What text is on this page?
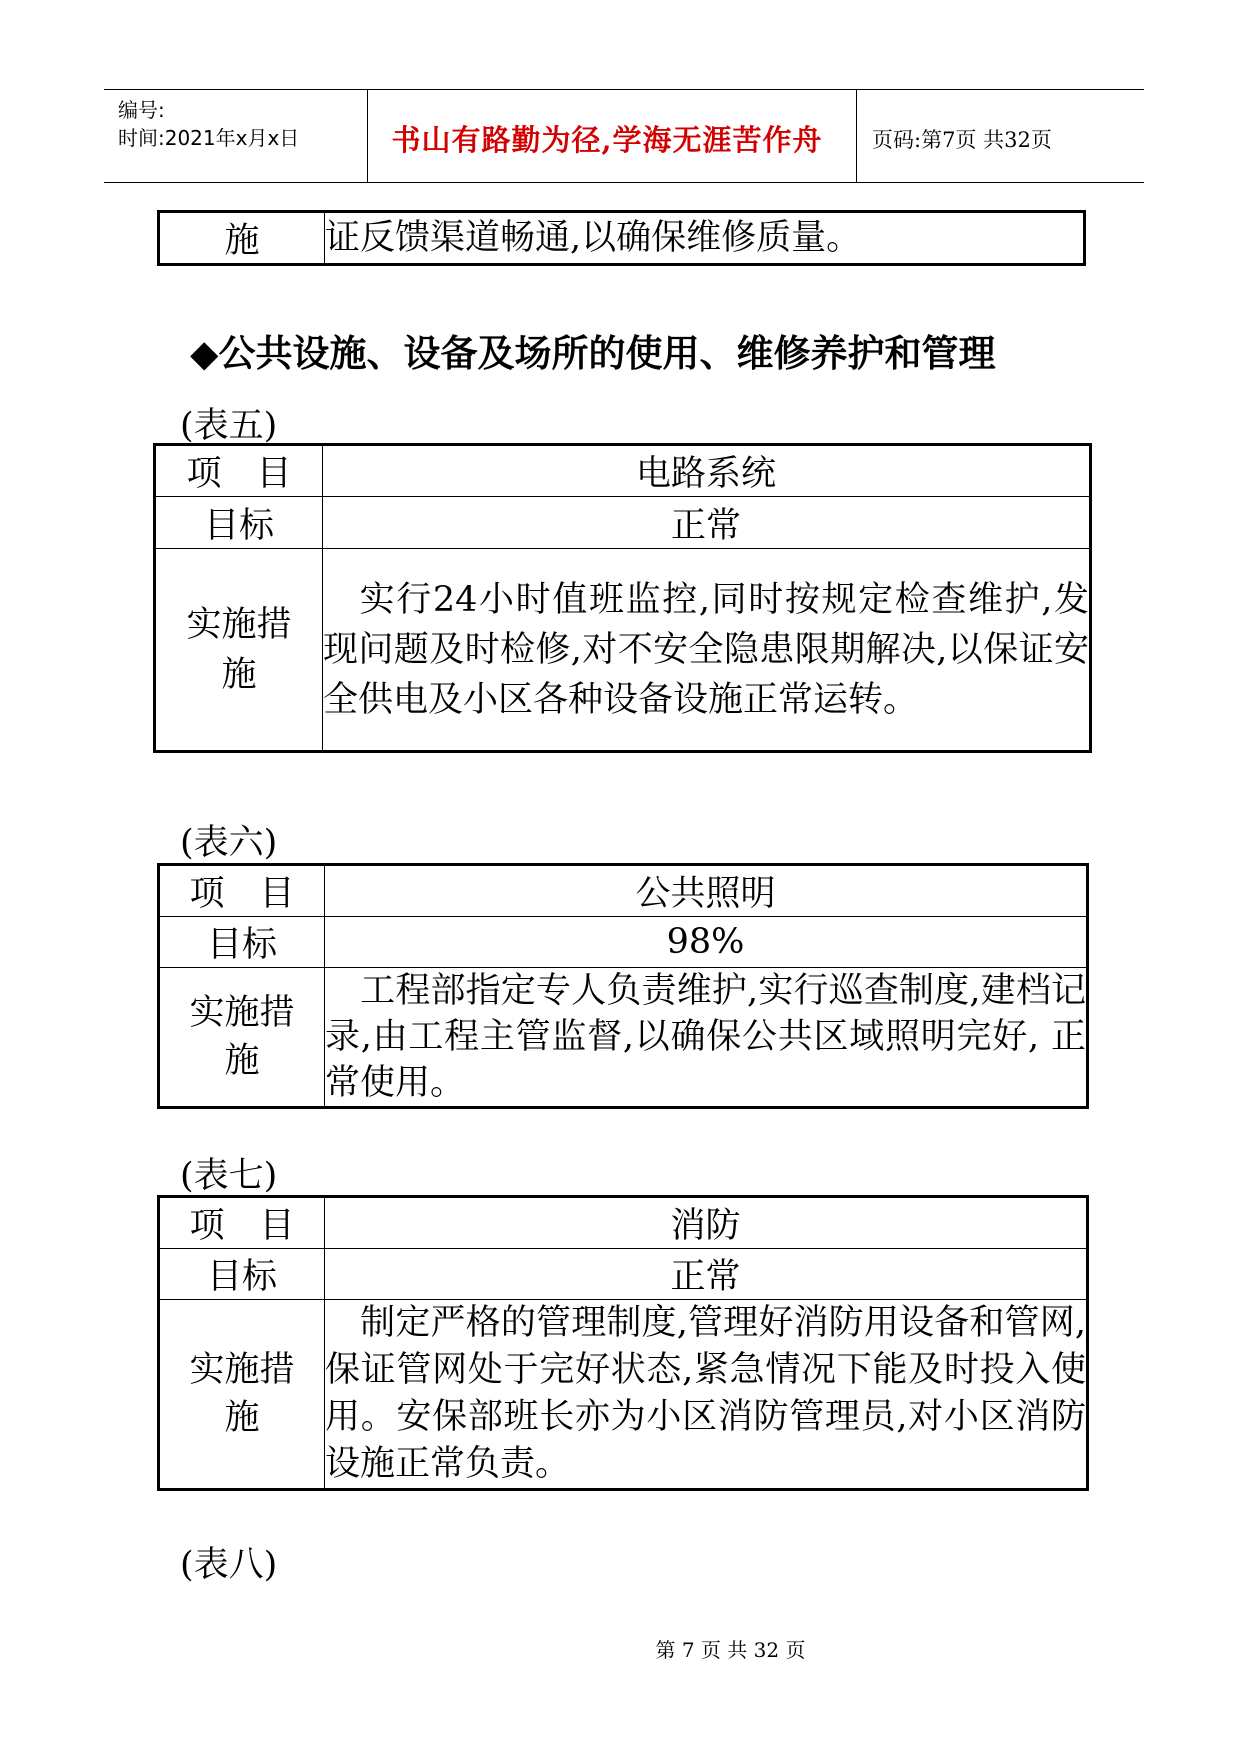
编号:
时间:2021年x月x日	书山有路勤为径,学海无涯苦作舟	页码:第7页 共32页
施	证反馈渠道畅通,以确保维修质量。
◆公共设施、设备及场所的使用、维修养护和管理
(表五)
项　目	电路系统
目标	正常
实施措施	实行24小时值班监控,同时按规定检查维护,发现问题及时检修,对不安全隐患限期解决,以保证安全供电及小区各种设备设施正常运转。
(表六)
项　目	公共照明
目标	98%
实施措施	工程部指定专人负责维护,实行巡查制度,建档记录,由工程主管监督,以确保公共区域照明完好, 正常使用。
(表七)
项　目	消防
目标	正常
实施措施	制定严格的管理制度,管理好消防用设备和管网,保证管网处于完好状态,紧急情况下能及时投入使用。安保部班长亦为小区消防管理员,对小区消防设施正常负责。
(表八)
第 7 页 共 32 页
